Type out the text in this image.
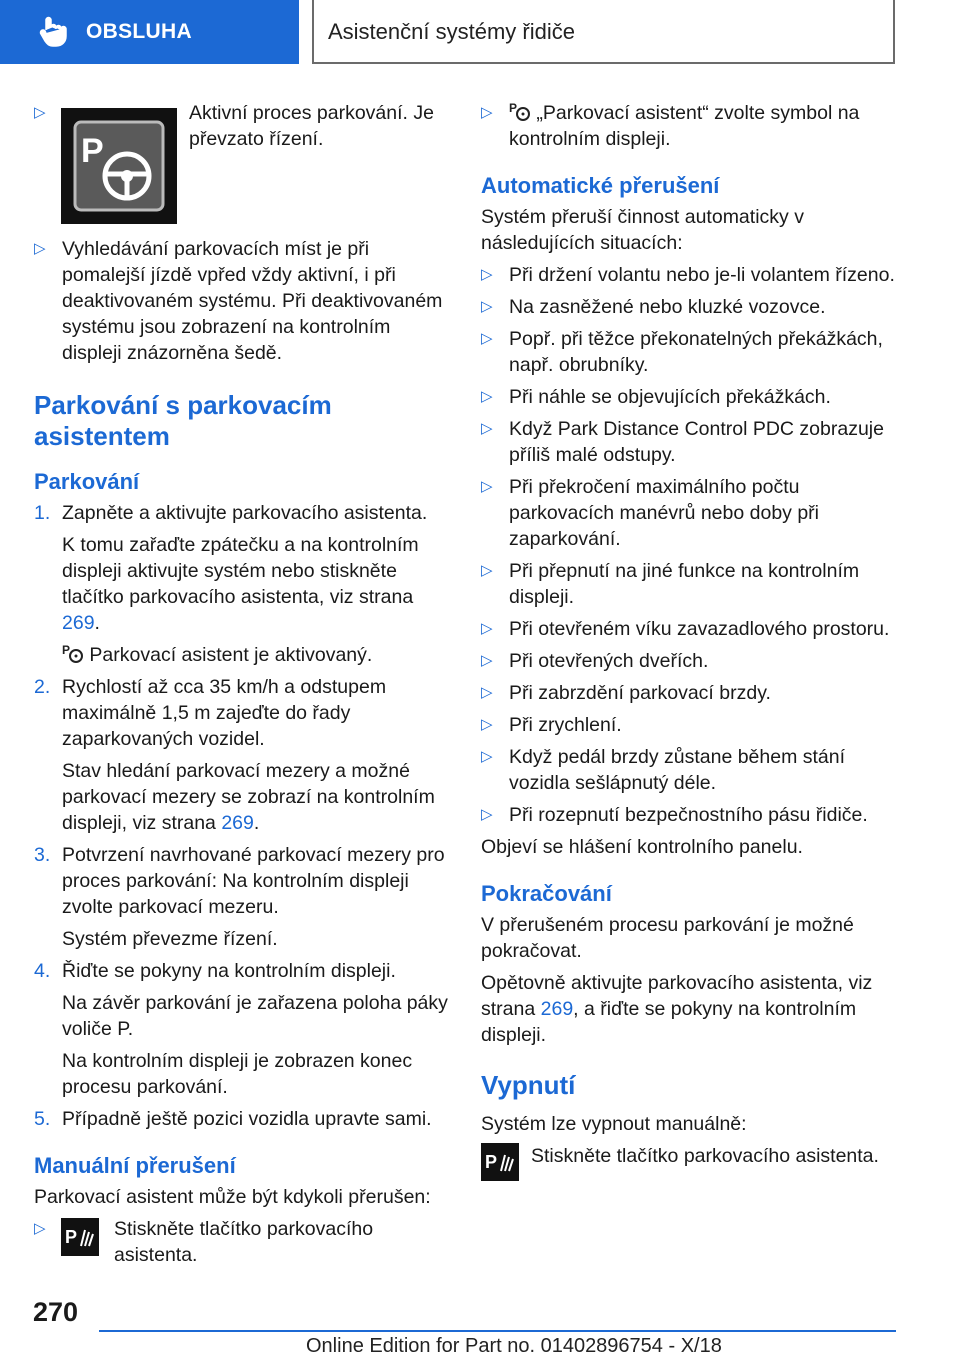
OBSLUHA	Asistenční systémy řidiče
▷
P
Aktivní proces parkování. Je převzato řízení.
▷ Vyhledávání parkovacích míst je při pomalejší jízdě vpřed vždy aktivní, i při deaktivovaném systému. Při deaktivovaném systému jsou zobrazení na kontrolním displeji znázorněna šedě.
Parkování s parkovacím asistentem
Parkování
1. Zapněte a aktivujte parkovacího asistenta.
K tomu zařaďte zpátečku a na kontrolním displeji aktivujte systém nebo stiskněte tlačítko parkovacího asistenta, viz strana 269.
P Parkovací asistent je aktivovaný.
2. Rychlostí až cca 35 km/h a odstupem maximálně 1,5 m zajeďte do řady zaparkovaných vozidel.
Stav hledání parkovací mezery a možné parkovací mezery se zobrazí na kontrolním displeji, viz strana 269.
3. Potvrzení navrhované parkovací mezery pro proces parkování: Na kontrolním displeji zvolte parkovací mezeru.
Systém převezme řízení.
4. Řiďte se pokyny na kontrolním displeji.
Na závěr parkování je zařazena poloha páky voliče P.
Na kontrolním displeji je zobrazen konec procesu parkování.
5. Případně ještě pozici vozidla upravte sami.
Manuální přerušení

Parkovací asistent může být kdykoli přerušen:

▷ P Stiskněte tlačítko parkovacího asistenta.
▷ P „Parkovací asistent“ zvolte symbol na kontrolním displeji.
Automatické přerušení

Systém přeruší činnost automaticky v následujících situacích:

▷ Při držení volantu nebo je-li volantem řízeno.
▷ Na zasněžené nebo kluzké vozovce.
▷ Popř. při těžce překonatelných překážkách, např. obrubníky.
▷ Při náhle se objevujících překážkách.
▷ Když Park Distance Control PDC zobrazuje příliš malé odstupy.
▷ Při překročení maximálního počtu parkovacích manévrů nebo doby při zaparkování.
▷ Při přepnutí na jiné funkce na kontrolním displeji.
▷ Při otevřeném víku zavazadlového prostoru.
▷ Při otevřených dveřích.
▷ Při zabrzdění parkovací brzdy.
▷ Při zrychlení.
▷ Když pedál brzdy zůstane během stání vozidla sešlápnutý déle.
▷ Při rozepnutí bezpečnostního pásu řidiče.

Objeví se hlášení kontrolního panelu.

Pokračování

V přerušeném procesu parkování je možné pokračovat.

Opětovně aktivujte parkovacího asistenta, viz strana 269, a řiďte se pokyny na kontrolním displeji.

Vypnutí

Systém lze vypnout manuálně:

P Stiskněte tlačítko parkovacího asistenta.
270
Online Edition for Part no. 01402896754 - X/18
